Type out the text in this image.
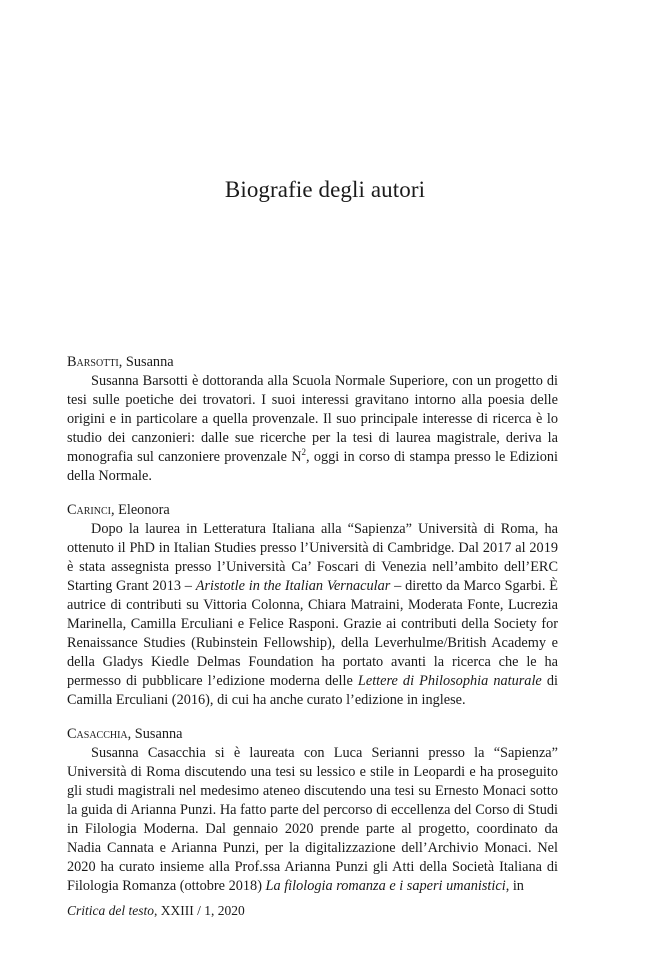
Biografie degli autori

Barsotti, Susanna

Susanna Barsotti è dottoranda alla Scuola Normale Superiore, con un progetto di tesi sulle poetiche dei trovatori. I suoi interessi gravitano intorno alla poesia delle origini e in particolare a quella provenzale. Il suo principale interesse di ricerca è lo studio dei canzonieri: dalle sue ricerche per la tesi di laurea magistrale, deriva la monografia sul canzoniere provenzale $N^2$, oggi in corso di stampa presso le Edizioni della Normale.

Carinci, Eleonora

Dopo la laurea in Letteratura Italiana alla “Sapienza” Università di Roma, ha ottenuto il PhD in Italian Studies presso l’Università di Cambridge. Dal 2017 al 2019 è stata assegnista presso l’Università Ca’ Foscari di Venezia nell’ambito dell’ERC Starting Grant 2013 – Aristotle in the Italian Vernacular – diretto da Marco Sgarbi. È autrice di contributi su Vittoria Colonna, Chiara Matraini, Moderata Fonte, Lucrezia Marinella, Camilla Erculiani e Felice Rasponi. Grazie ai contributi della Society for Renaissance Studies (Rubinstein Fellowship), della Leverhulme/British Academy e della Gladys Kiedle Delmas Foundation ha portato avanti la ricerca che le ha permesso di pubblicare l’edizione moderna delle Lettere di Philosophia naturale di Camilla Erculiani (2016), di cui ha anche curato l’edizione in inglese.

Casacchia, Susanna

Susanna Casacchia si è laureata con Luca Serianni presso la “Sapienza” Università di Roma discutendo una tesi su lessico e stile in Leopardi e ha proseguito gli studi magistrali nel medesimo ateneo discutendo una tesi su Ernesto Monaci sotto la guida di Arianna Punzi. Ha fatto parte del percorso di eccellenza del Corso di Studi in Filologia Moderna. Dal gennaio 2020 prende parte al progetto, coordinato da Nadia Cannata e Arianna Punzi, per la digitalizzazione dell’Archivio Monaci. Nel 2020 ha curato insieme alla Prof.ssa Arianna Punzi gli Atti della Società Italiana di Filologia Romanza (ottobre 2018) La filologia romanza e i saperi umanistici, in

Critica del testo, XXIII / 1, 2020
